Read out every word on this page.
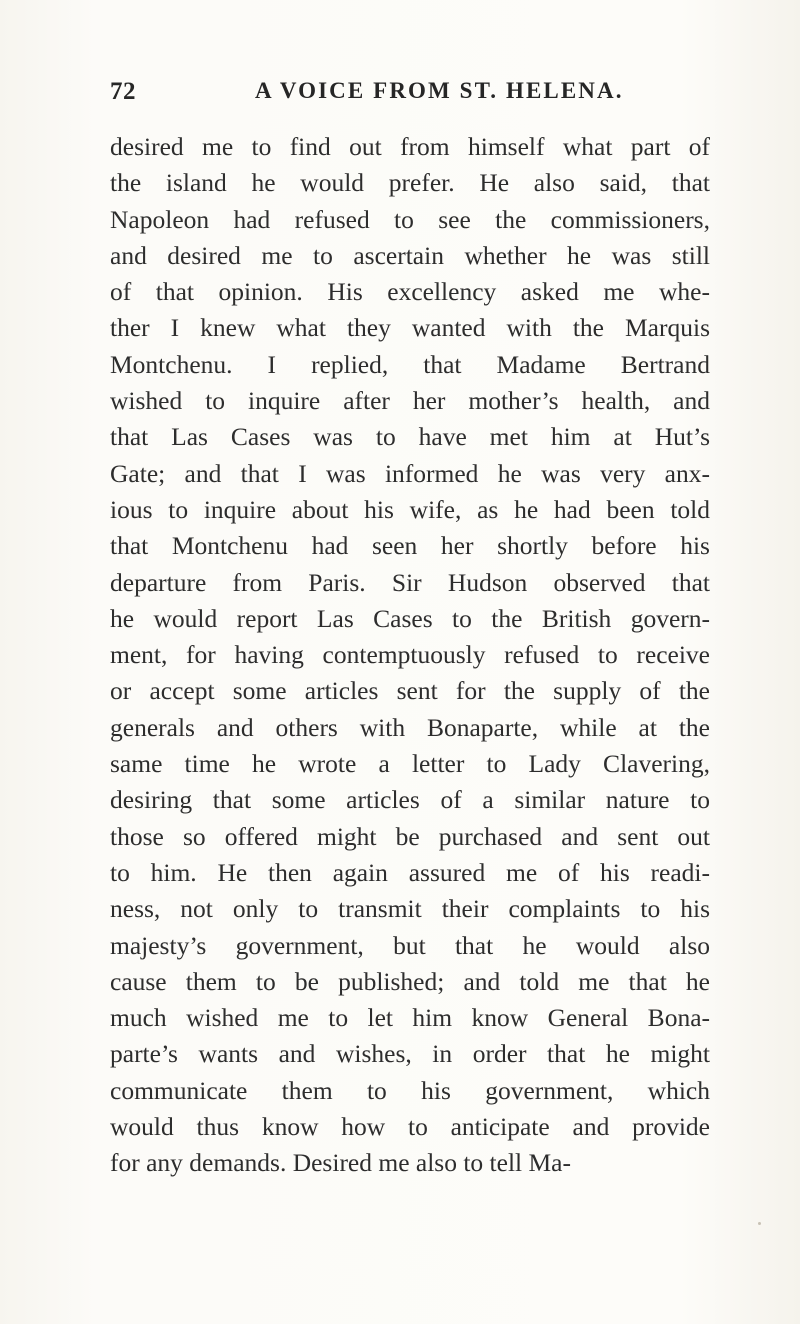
72	A VOICE FROM ST. HELENA.
desired me to find out from himself what part of
the island he would prefer. He also said, that
Napoleon had refused to see the commissioners,
and desired me to ascertain whether he was still
of that opinion. His excellency asked me whe-
ther I knew what they wanted with the Marquis
Montchenu. I replied, that Madame Bertrand
wished to inquire after her mother’s health, and
that Las Cases was to have met him at Hut’s
Gate; and that I was informed he was very anx-
ious to inquire about his wife, as he had been told
that Montchenu had seen her shortly before his
departure from Paris. Sir Hudson observed that
he would report Las Cases to the British govern-
ment, for having contemptuously refused to receive
or accept some articles sent for the supply of the
generals and others with Bonaparte, while at the
same time he wrote a letter to Lady Clavering,
desiring that some articles of a similar nature to
those so offered might be purchased and sent out
to him. He then again assured me of his readi-
ness, not only to transmit their complaints to his
majesty’s government, but that he would also
cause them to be published; and told me that he
much wished me to let him know General Bona-
parte’s wants and wishes, in order that he might
communicate them to his government, which
would thus know how to anticipate and provide
for any demands. Desired me also to tell Ma-
